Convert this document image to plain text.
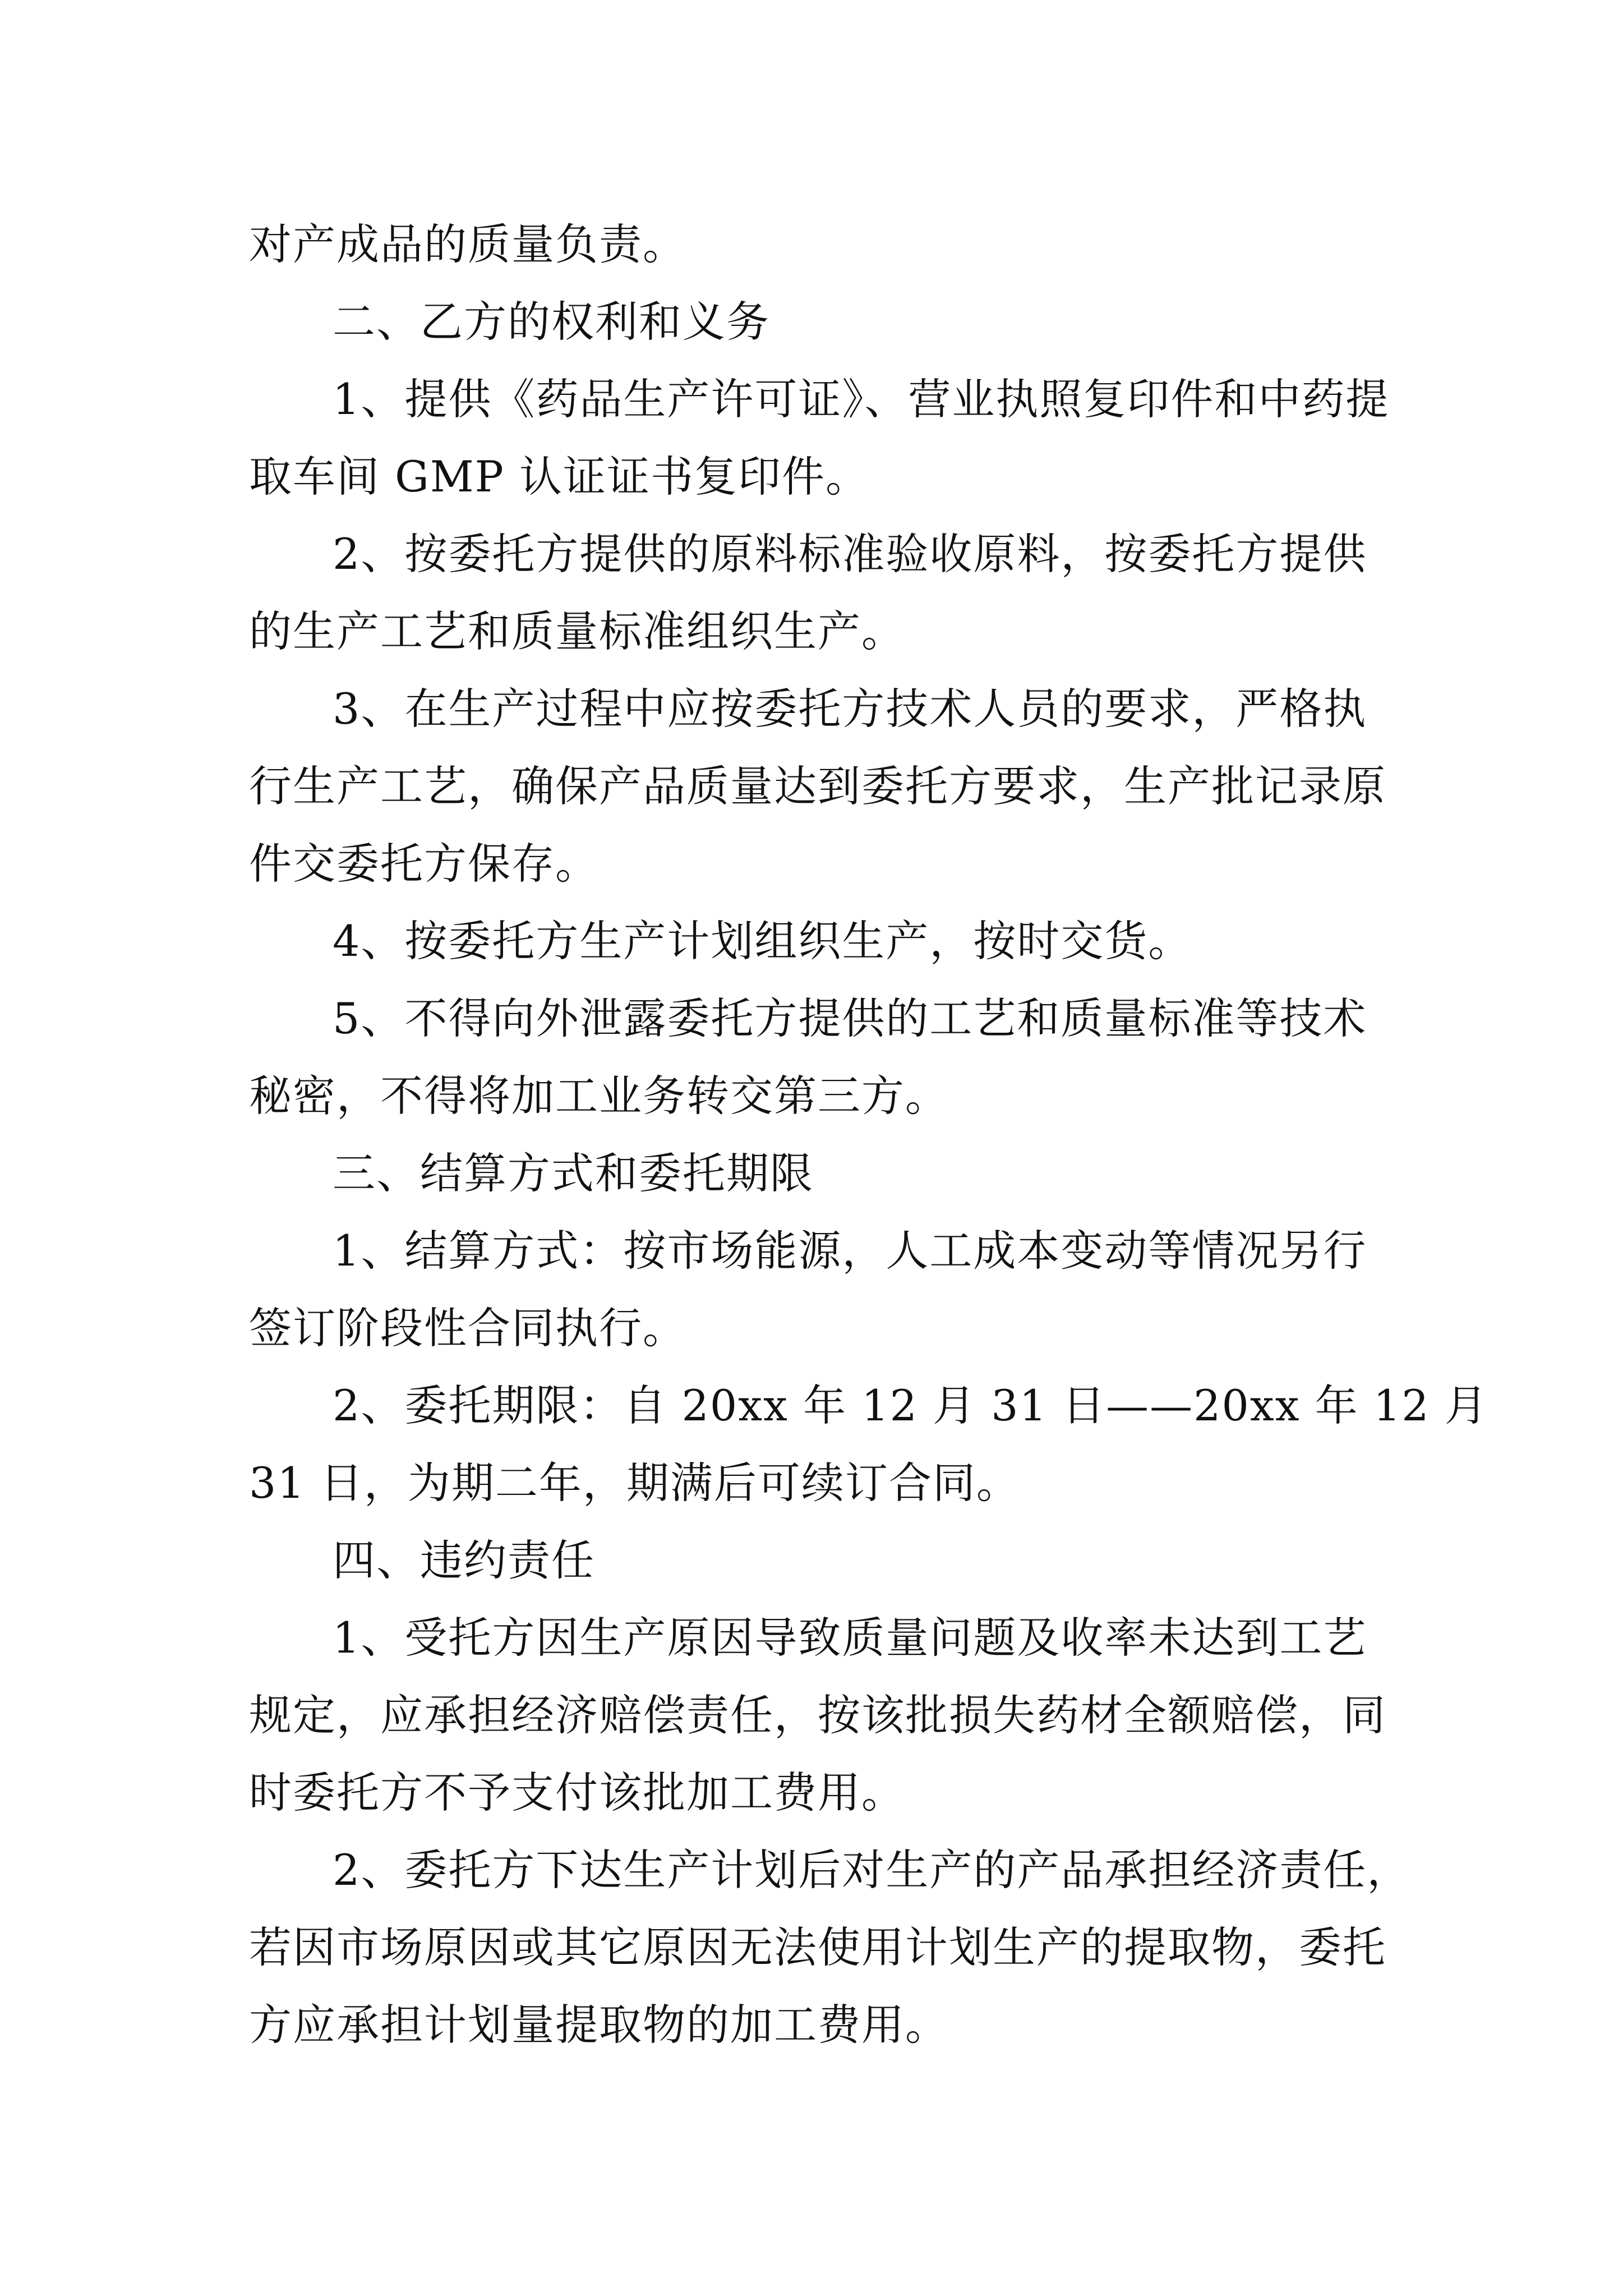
对产成品的质量负责。
二、乙方的权利和义务
1、提供《药品生产许可证》、营业执照复印件和中药提
取车间 GMP 认证证书复印件。
2、按委托方提供的原料标准验收原料，按委托方提供
的生产工艺和质量标准组织生产。
3、在生产过程中应按委托方技术人员的要求，严格执
行生产工艺，确保产品质量达到委托方要求，生产批记录原
件交委托方保存。
4、按委托方生产计划组织生产，按时交货。
5、不得向外泄露委托方提供的工艺和质量标准等技术
秘密，不得将加工业务转交第三方。
三、结算方式和委托期限
1、结算方式：按市场能源，人工成本变动等情况另行
签订阶段性合同执行。
2、委托期限：自 20xx 年 12 月 31 日——20xx 年 12 月
31 日，为期二年，期满后可续订合同。
四、违约责任
1、受托方因生产原因导致质量问题及收率未达到工艺
规定，应承担经济赔偿责任，按该批损失药材全额赔偿，同
时委托方不予支付该批加工费用。
2、委托方下达生产计划后对生产的产品承担经济责任，
若因市场原因或其它原因无法使用计划生产的提取物，委托
方应承担计划量提取物的加工费用。
